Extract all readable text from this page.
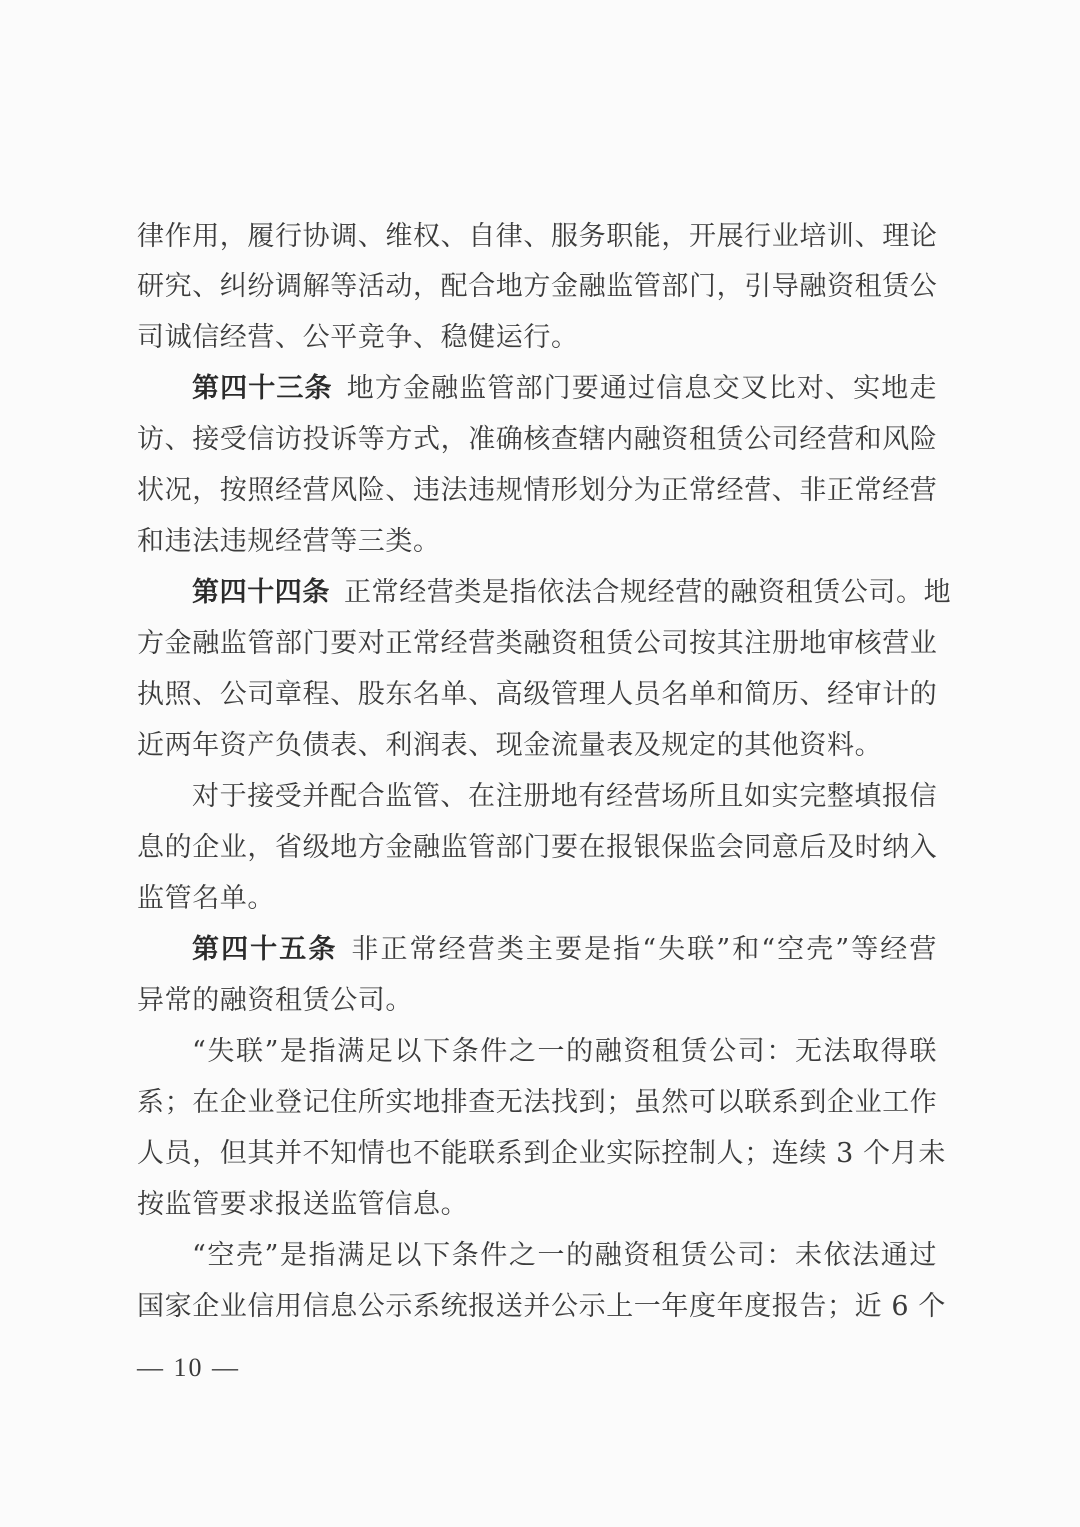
律作用，履行协调、维权、自律、服务职能，开展行业培训、理论
研究、纠纷调解等活动，配合地方金融监管部门，引导融资租赁公
司诚信经营、公平竞争、稳健运行。
第四十三条 地方金融监管部门要通过信息交叉比对、实地走
访、接受信访投诉等方式，准确核查辖内融资租赁公司经营和风险
状况，按照经营风险、违法违规情形划分为正常经营、非正常经营
和违法违规经营等三类。
第四十四条 正常经营类是指依法合规经营的融资租赁公司。地
方金融监管部门要对正常经营类融资租赁公司按其注册地审核营业
执照、公司章程、股东名单、高级管理人员名单和简历、经审计的
近两年资产负债表、利润表、现金流量表及规定的其他资料。
对于接受并配合监管、在注册地有经营场所且如实完整填报信
息的企业，省级地方金融监管部门要在报银保监会同意后及时纳入
监管名单。
第四十五条 非正常经营类主要是指“失联”和“空壳”等经营
异常的融资租赁公司。
“失联”是指满足以下条件之一的融资租赁公司：无法取得联
系；在企业登记住所实地排查无法找到；虽然可以联系到企业工作
人员，但其并不知情也不能联系到企业实际控制人；连续 3 个月未
按监管要求报送监管信息。
“空壳”是指满足以下条件之一的融资租赁公司：未依法通过
国家企业信用信息公示系统报送并公示上一年度年度报告；近 6 个
— 10 —
